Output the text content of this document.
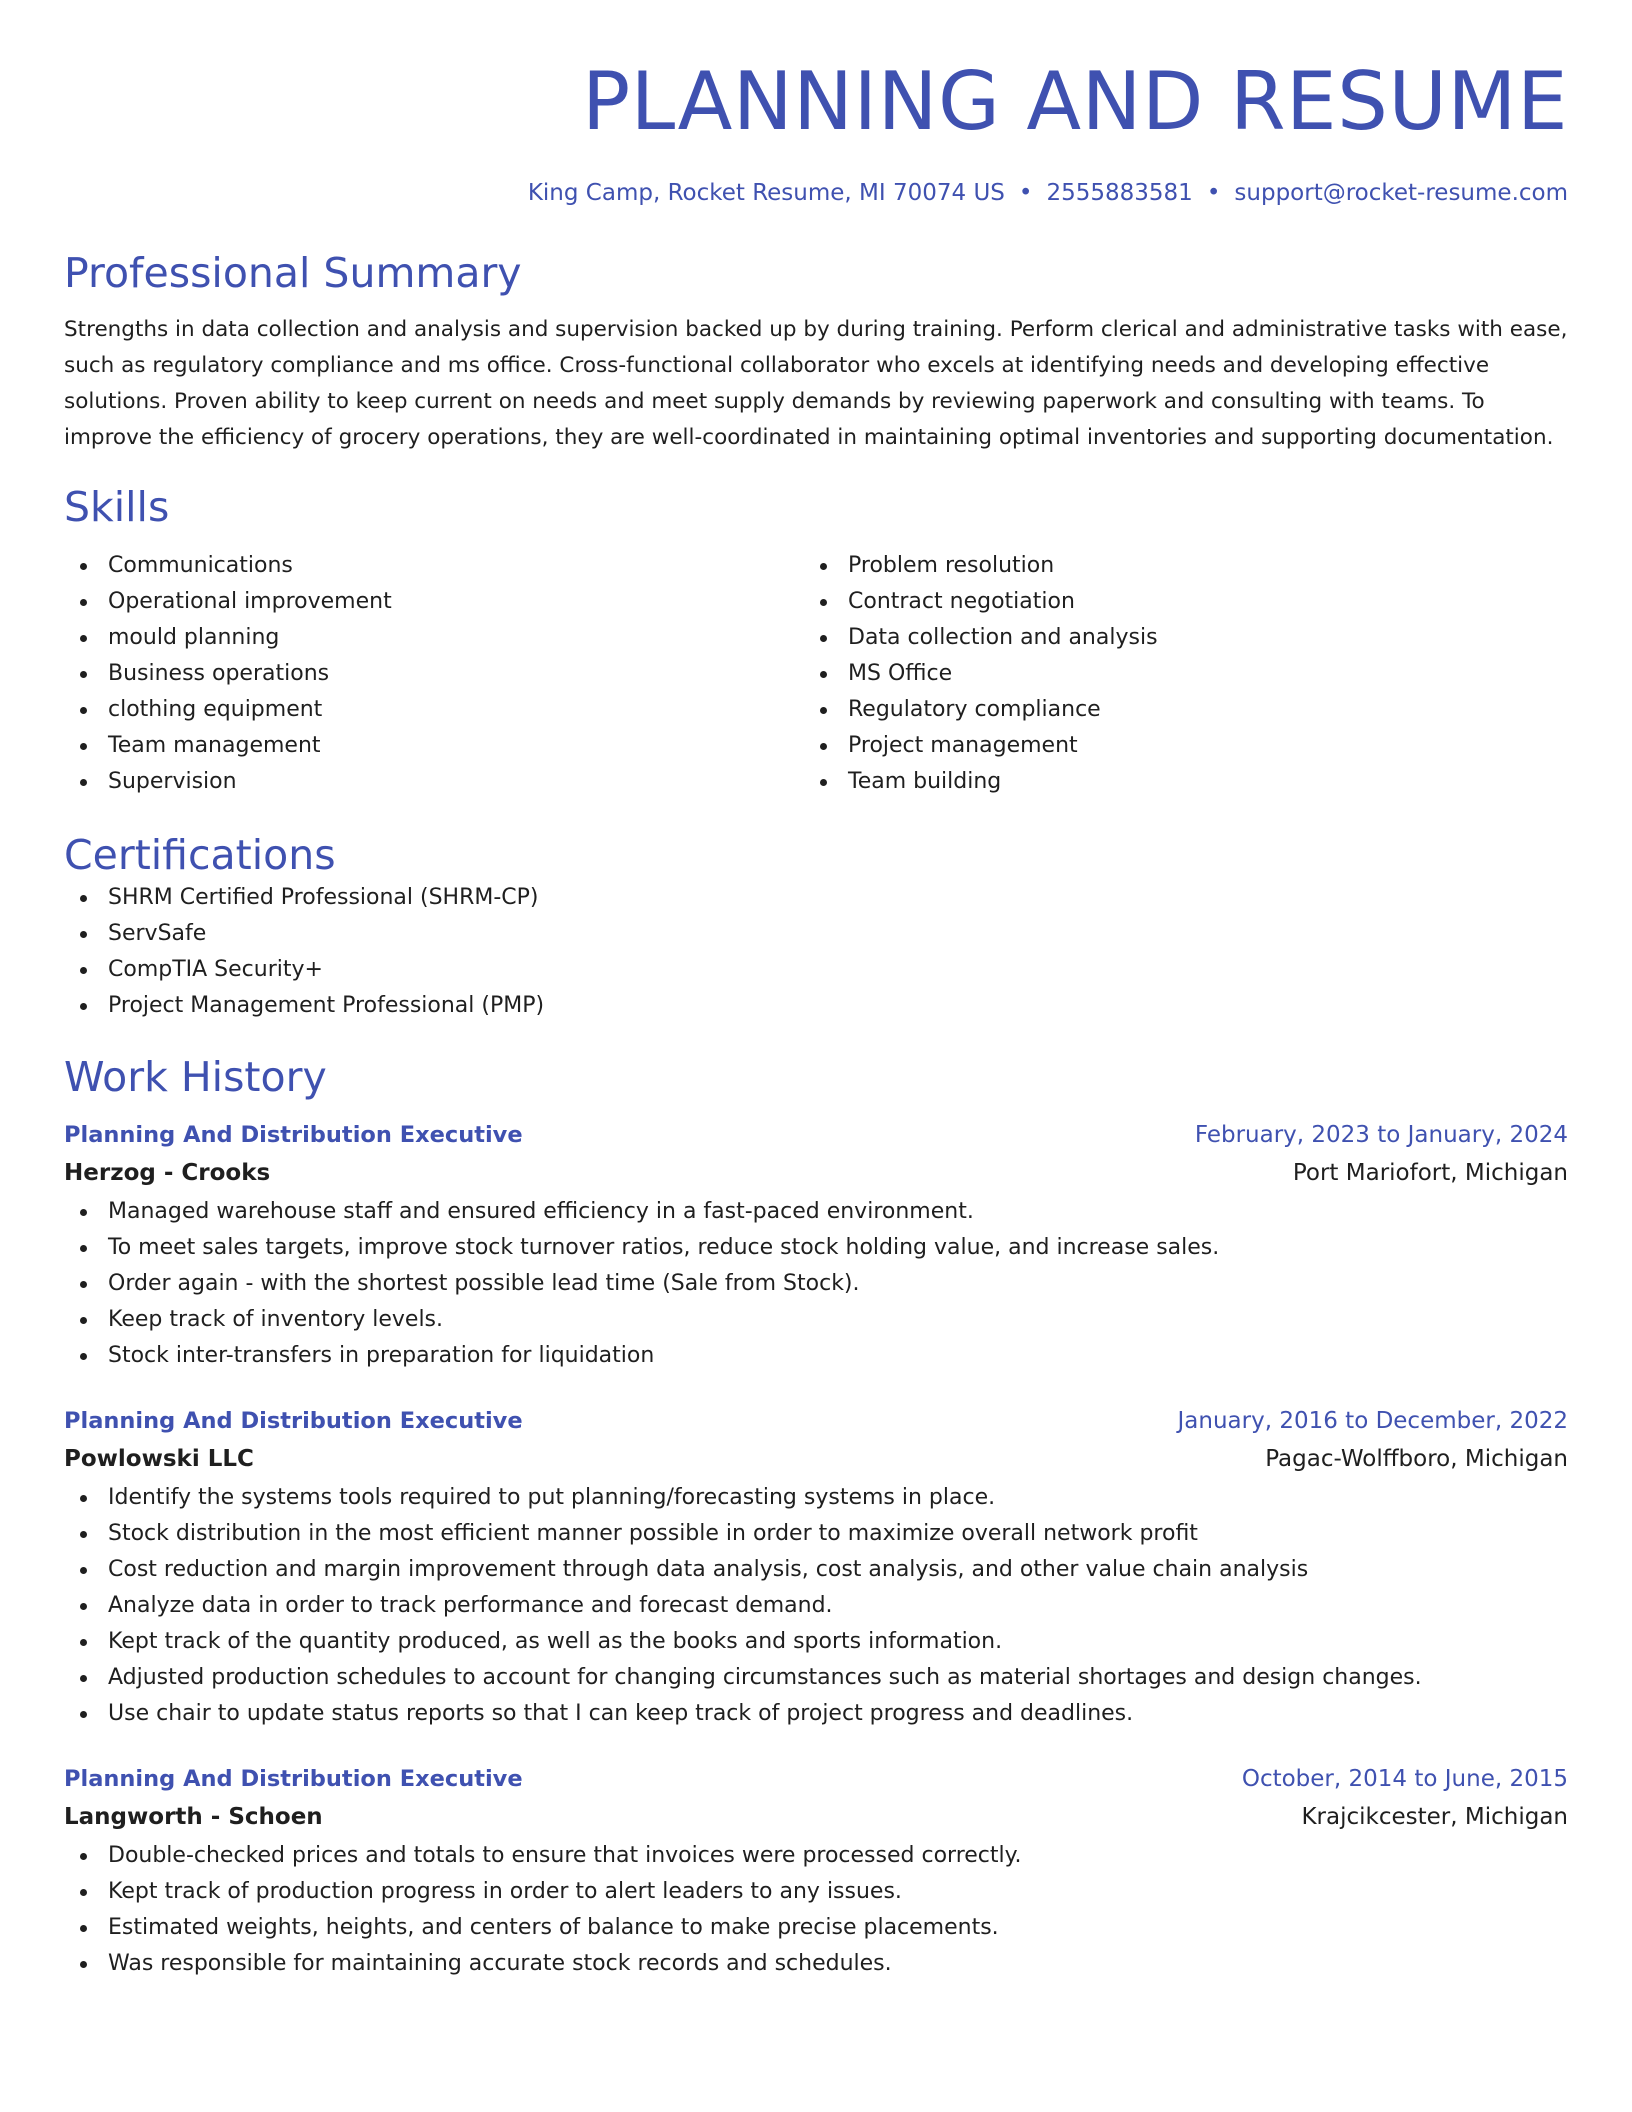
PLANNING AND RESUME
King Camp, Rocket Resume, MI 70074 US • 2555883581 • support@rocket-resume.com
Professional Summary

Strengths in data collection and analysis and supervision backed up by during training. Perform clerical and administrative tasks with ease, such as regulatory compliance and ms office. Cross-functional collaborator who excels at identifying needs and developing effective solutions. Proven ability to keep current on needs and meet supply demands by reviewing paperwork and consulting with teams. To improve the efficiency of grocery operations, they are well-coordinated in maintaining optimal inventories and supporting documentation.

Skills
Communications
Operational improvement
mould planning
Business operations
clothing equipment
Team management
Supervision
Problem resolution
Contract negotiation
Data collection and analysis
MS Office
Regulatory compliance
Project management
Team building
Certifications
SHRM Certified Professional (SHRM-CP)
ServSafe
CompTIA Security+
Project Management Professional (PMP)
Work History
Planning And Distribution Executive	February, 2023 to January, 2024
Herzog - Crooks	Port Mariofort, Michigan
Managed warehouse staff and ensured efficiency in a fast-paced environment.
To meet sales targets, improve stock turnover ratios, reduce stock holding value, and increase sales.
Order again - with the shortest possible lead time (Sale from Stock).
Keep track of inventory levels.
Stock inter-transfers in preparation for liquidation
Planning And Distribution Executive	January, 2016 to December, 2022
Powlowski LLC	Pagac-Wolffboro, Michigan
Identify the systems tools required to put planning/forecasting systems in place.
Stock distribution in the most efficient manner possible in order to maximize overall network profit
Cost reduction and margin improvement through data analysis, cost analysis, and other value chain analysis
Analyze data in order to track performance and forecast demand.
Kept track of the quantity produced, as well as the books and sports information.
Adjusted production schedules to account for changing circumstances such as material shortages and design changes.
Use chair to update status reports so that I can keep track of project progress and deadlines.
Planning And Distribution Executive	October, 2014 to June, 2015
Langworth - Schoen	Krajcikcester, Michigan
Double-checked prices and totals to ensure that invoices were processed correctly.
Kept track of production progress in order to alert leaders to any issues.
Estimated weights, heights, and centers of balance to make precise placements.
Was responsible for maintaining accurate stock records and schedules.
